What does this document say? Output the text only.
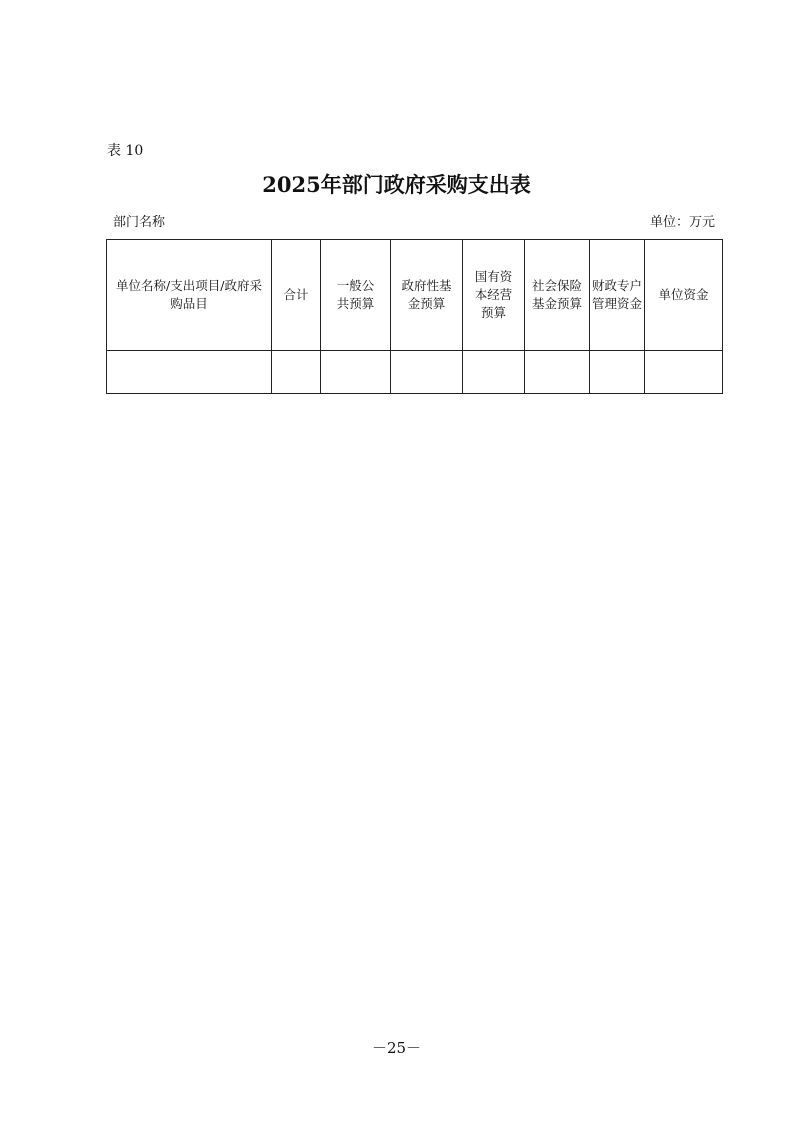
表 10
2025年部门政府采购支出表
部门名称	单位：万元
单位名称/支出项目/政府采购品目	合计	一般公共预算	政府性基金预算	国有资本经营预算	社会保险基金预算	财政专户管理资金	单位资金

－25－
